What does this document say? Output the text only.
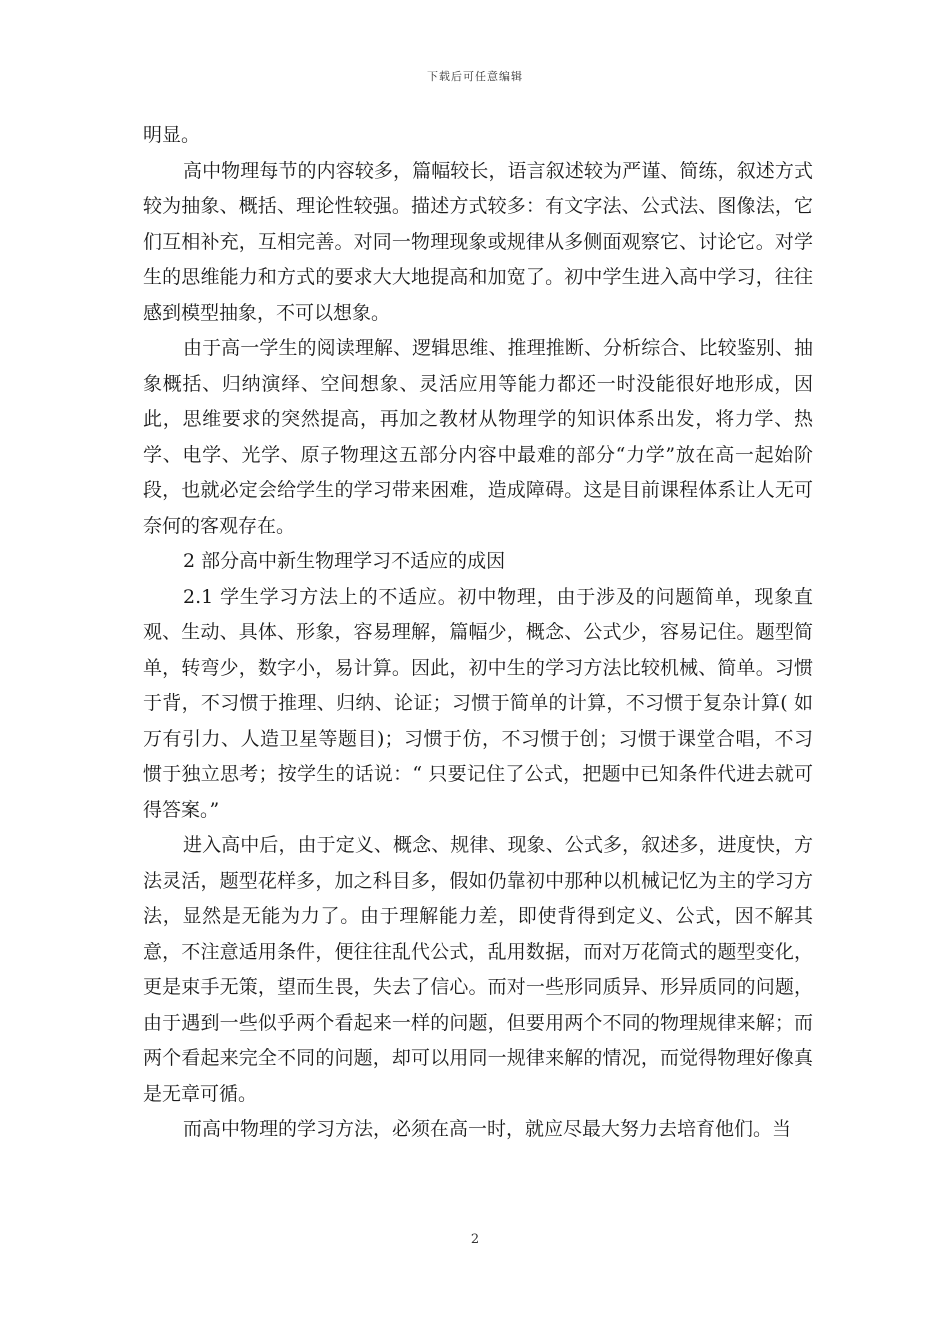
下载后可任意编辑

明显。

高中物理每节的内容较多，篇幅较长，语言叙述较为严谨、简练，叙述方式较为抽象、概括、理论性较强。描述方式较多：有文字法、公式法、图像法，它们互相补充，互相完善。对同一物理现象或规律从多侧面观察它、讨论它。对学生的思维能力和方式的要求大大地提高和加宽了。初中学生进入高中学习，往往感到模型抽象，不可以想象。

由于高一学生的阅读理解、逻辑思维、推理推断、分析综合、比较鉴别、抽象概括、归纳演绎、空间想象、灵活应用等能力都还一时没能很好地形成，因此，思维要求的突然提高，再加之教材从物理学的知识体系出发，将力学、热学、电学、光学、原子物理这五部分内容中最难的部分“力学”放在高一起始阶段，也就必定会给学生的学习带来困难，造成障碍。这是目前课程体系让人无可奈何的客观存在。

2 部分高中新生物理学习不适应的成因

2.1 学生学习方法上的不适应。初中物理，由于涉及的问题简单，现象直观、生动、具体、形象，容易理解，篇幅少，概念、公式少，容易记住。题型简单，转弯少，数字小，易计算。因此，初中生的学习方法比较机械、简单。习惯于背，不习惯于推理、归纳、论证；习惯于简单的计算，不习惯于复杂计算( 如万有引力、人造卫星等题目)；习惯于仿，不习惯于创；习惯于课堂合唱，不习惯于独立思考；按学生的话说：“ 只要记住了公式，把题中已知条件代进去就可得答案。”

进入高中后，由于定义、概念、规律、现象、公式多，叙述多，进度快，方法灵活，题型花样多，加之科目多，假如仍靠初中那种以机械记忆为主的学习方法，显然是无能为力了。由于理解能力差，即使背得到定义、公式，因不解其意，不注意适用条件，便往往乱代公式，乱用数据，而对万花筒式的题型变化，更是束手无策，望而生畏，失去了信心。而对一些形同质异、形异质同的问题，由于遇到一些似乎两个看起来一样的问题，但要用两个不同的物理规律来解；而两个看起来完全不同的问题，却可以用同一规律来解的情况，而觉得物理好像真是无章可循。

而高中物理的学习方法，必须在高一时，就应尽最大努力去培育他们。当

2
